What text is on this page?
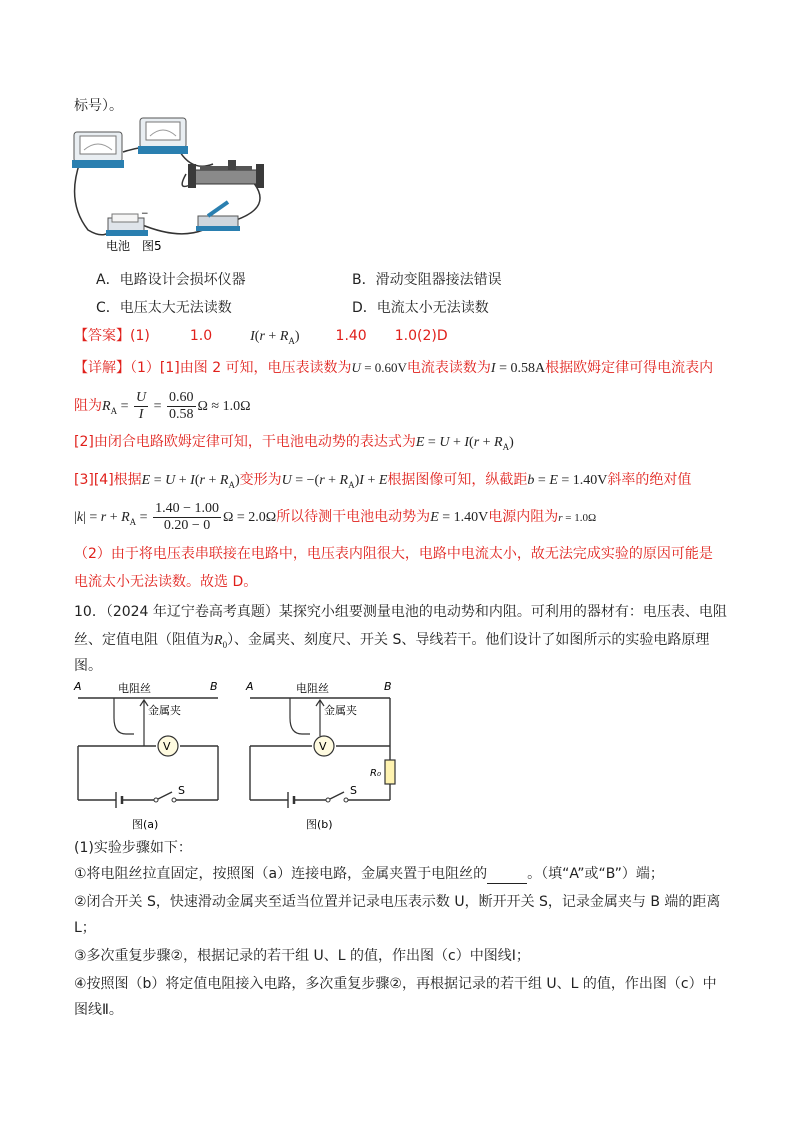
标号）。
−
电池 图5
A．电路设计会损坏仪器	B．滑动变阻器接法错误
C．电压太大无法读数	D．电流太小无法读数
【答案】(1)	1.0	$I(r + R_A)$	1.40 1.0(2)D
【详解】（1）[1]由图 2 可知，电压表读数为U = 0.60V电流表读数为I = 0.58A根据欧姆定律可得电流表内
阻为$R_A = \frac{U}{I} = \frac{0.60}{0.58}$ Ω ≈ 1.0Ω
[2]由闭合电路欧姆定律可知，干电池电动势的表达式为$E = U + I(r + R_A)$
[3][4]根据$E = U + I(r + R_A)$变形为$U = -(r + R_A)I + E$根据图像可知，纵截距b = E = 1.40V斜率的绝对值
$|k| = r + R_A = \frac{1.40 - 1.00}{0.20 - 0}$ Ω = 2.0Ω所以待测干电池电动势为E = 1.40V电源内阻为r = 1.0Ω
（2）由于将电压表串联接在电路中，电压表内阻很大，电路中电流太小，故无法完成实验的原因可能是
电流太小无法读数。故选 D。
10．（2024 年辽宁卷高考真题）某探究小组要测量电池的电动势和内阻。可利用的器材有：电压表、电阻
丝、定值电阻（阻值为$R_0$）、金属夹、刻度尺、开关 S、导线若干。他们设计了如图所示的实验电路原理
图。
A	电阻丝	B
金属夹
V
S
图(a)
A	电阻丝	B
金属夹
V
R₀
S
图(b)
(1)实验步骤如下：
①将电阻丝拉直固定，按照图（a）连接电路，金属夹置于电阻丝的	。（填“A”或“B”）端；
②闭合开关 S，快速滑动金属夹至适当位置并记录电压表示数 U，断开开关 S，记录金属夹与 B 端的距离
L；
③多次重复步骤②，根据记录的若干组 U、L 的值，作出图（c）中图线Ⅰ；
④按照图（b）将定值电阻接入电路，多次重复步骤②，再根据记录的若干组 U、L 的值，作出图（c）中
图线Ⅱ。
